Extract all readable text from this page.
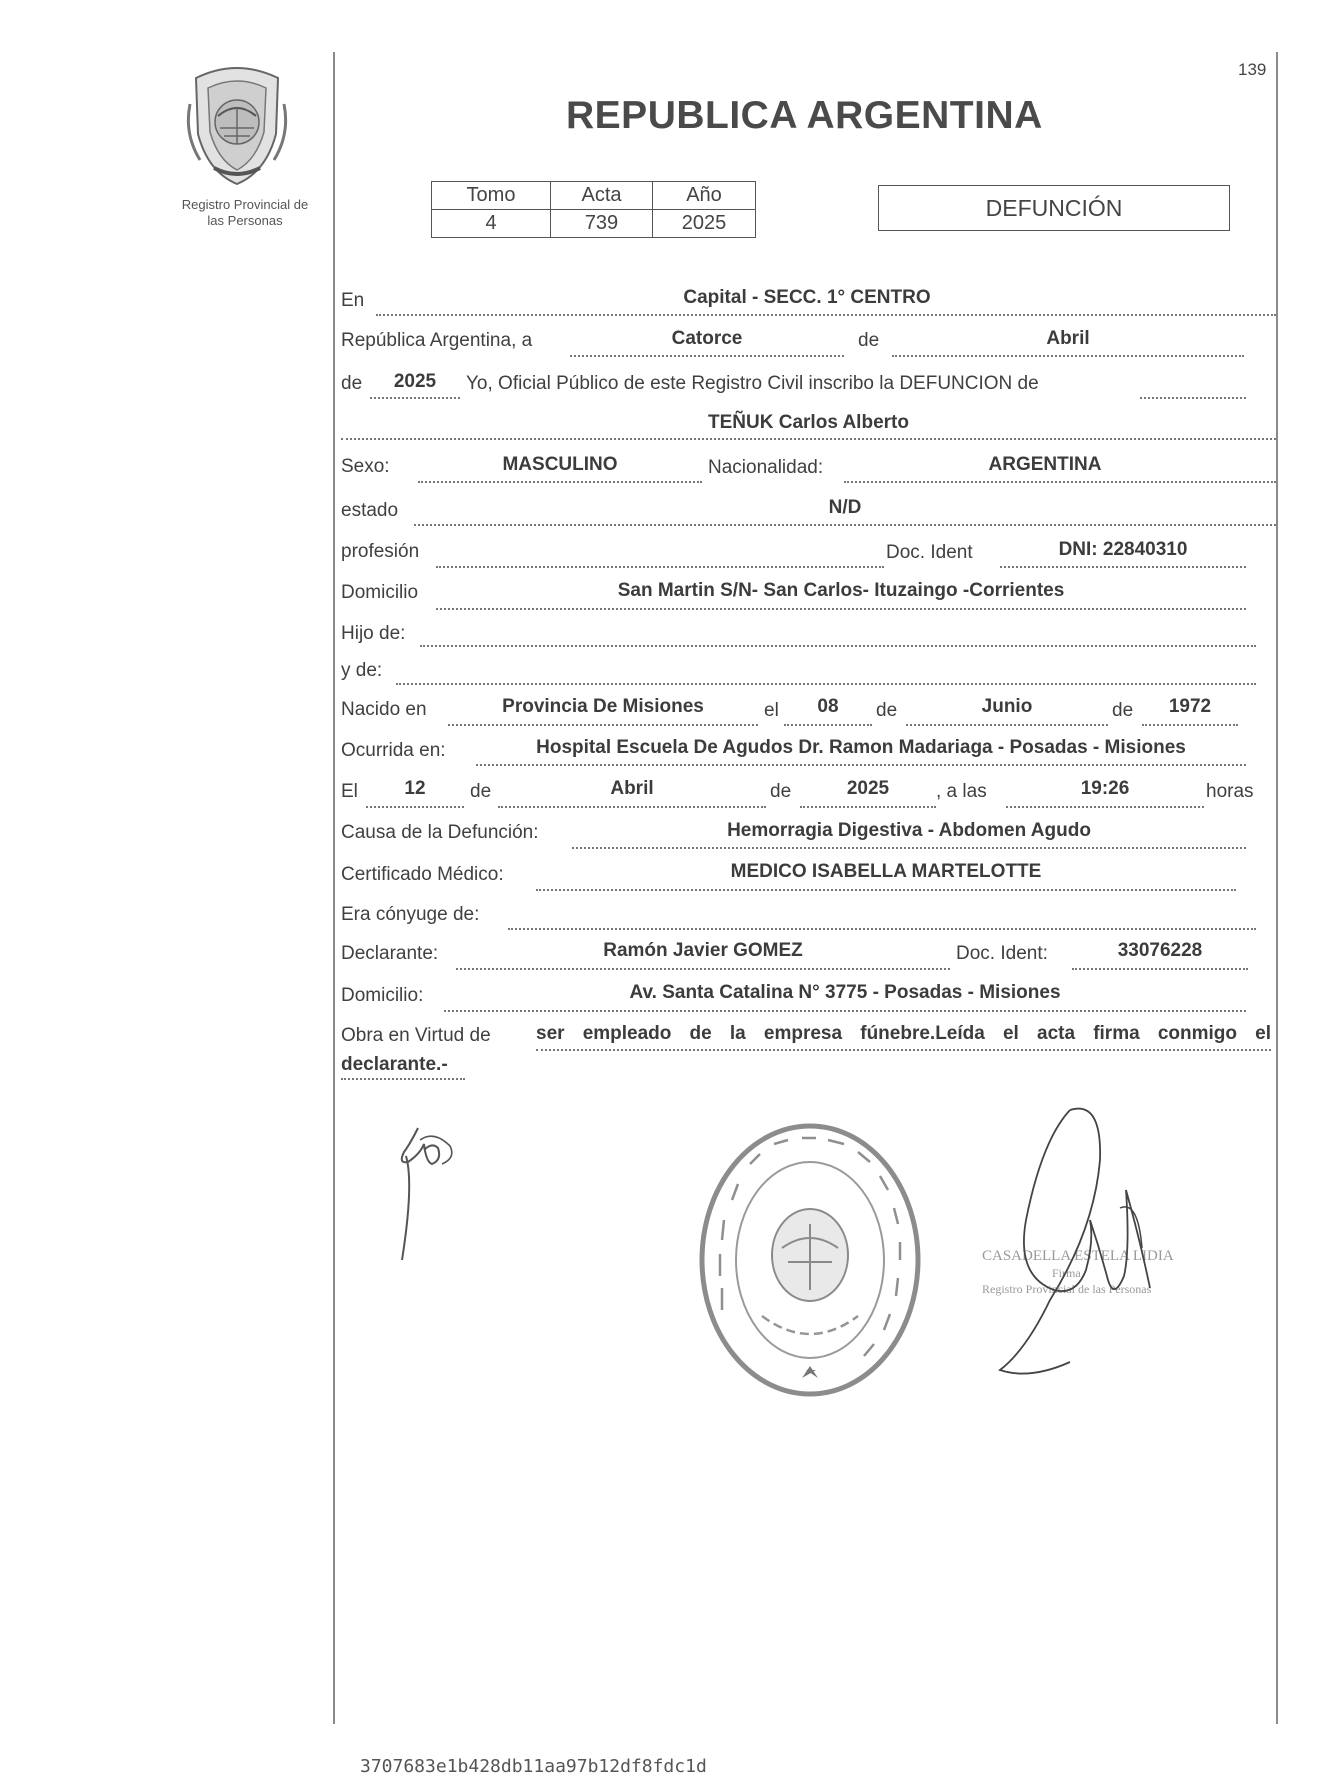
139
REPUBLICA ARGENTINA
Registro Provincial de
las Personas
Tomo	Acta	Año
4	739	2025
DEFUNCIÓN
En	Capital - SECC. 1° CENTRO
República Argentina, a	Catorce	de	Abril
de	2025	Yo, Oficial Público de este Registro Civil inscribo la DEFUNCION de
TEÑUK Carlos Alberto
Sexo:	MASCULINO	Nacionalidad:	ARGENTINA
estado	N/D
profesión	Doc. Ident	DNI: 22840310
Domicilio	San Martin S/N- San Carlos- Ituzaingo -Corrientes
Hijo de:
y de:
Nacido en	Provincia De Misiones	el	08	de	Junio	de	1972
Ocurrida en:	Hospital Escuela De Agudos Dr. Ramon Madariaga - Posadas - Misiones
El	12	de	Abril	de	2025	, a las	19:26	horas
Causa de la Defunción:	Hemorragia Digestiva - Abdomen Agudo
Certificado Médico:	MEDICO ISABELLA MARTELOTTE
Era cónyuge de:
Declarante:	Ramón Javier GOMEZ	Doc. Ident:	33076228
Domicilio:	Av. Santa Catalina N° 3775 - Posadas - Misiones
Obra en Virtud de ser empleado de la empresa fúnebre.Leída el acta firma conmigo el
declarante.-
CASADELLA ESTELA LIDIA
Firma
Registro Provincial de las Personas
3707683e1b428db11aa97b12df8fdc1d
